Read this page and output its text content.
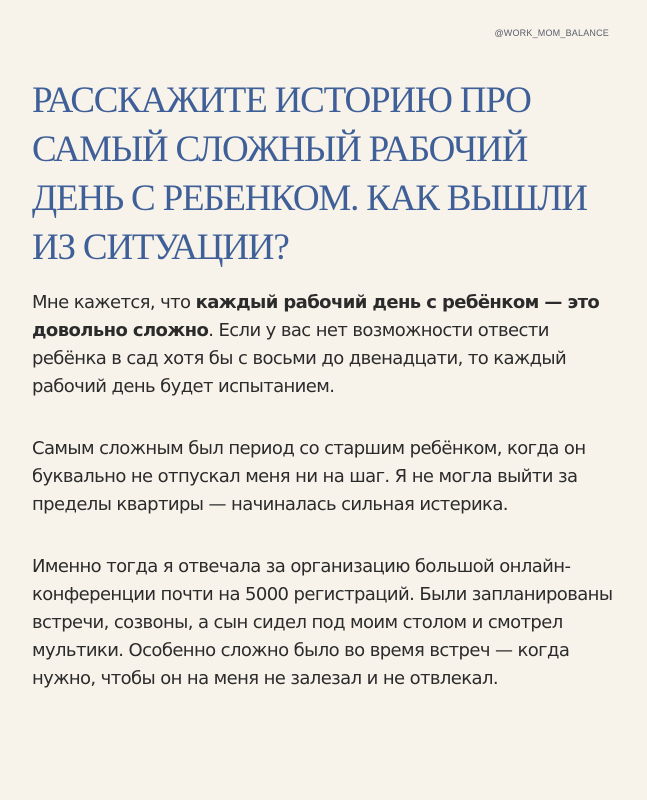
@WORK_MOM_BALANCE
РАССКАЖИТЕ ИСТОРИЮ ПРО
САМЫЙ СЛОЖНЫЙ РАБОЧИЙ
ДЕНЬ С РЕБЕНКОМ. КАК ВЫШЛИ
ИЗ СИТУАЦИИ?

Мне кажется, что каждый рабочий день с ребёнком — это довольно сложно. Если у вас нет возможности отвести ребёнка в сад хотя бы с восьми до двенадцати, то каждый рабочий день будет испытанием.

Самым сложным был период со старшим ребёнком, когда он буквально не отпускал меня ни на шаг. Я не могла выйти за пределы квартиры — начиналась сильная истерика.

Именно тогда я отвечала за организацию большой онлайн-конференции почти на 5000 регистраций. Были запланированы встречи, созвоны, а сын сидел под моим столом и смотрел мультики. Особенно сложно было во время встреч — когда нужно, чтобы он на меня не залезал и не отвлекал.
